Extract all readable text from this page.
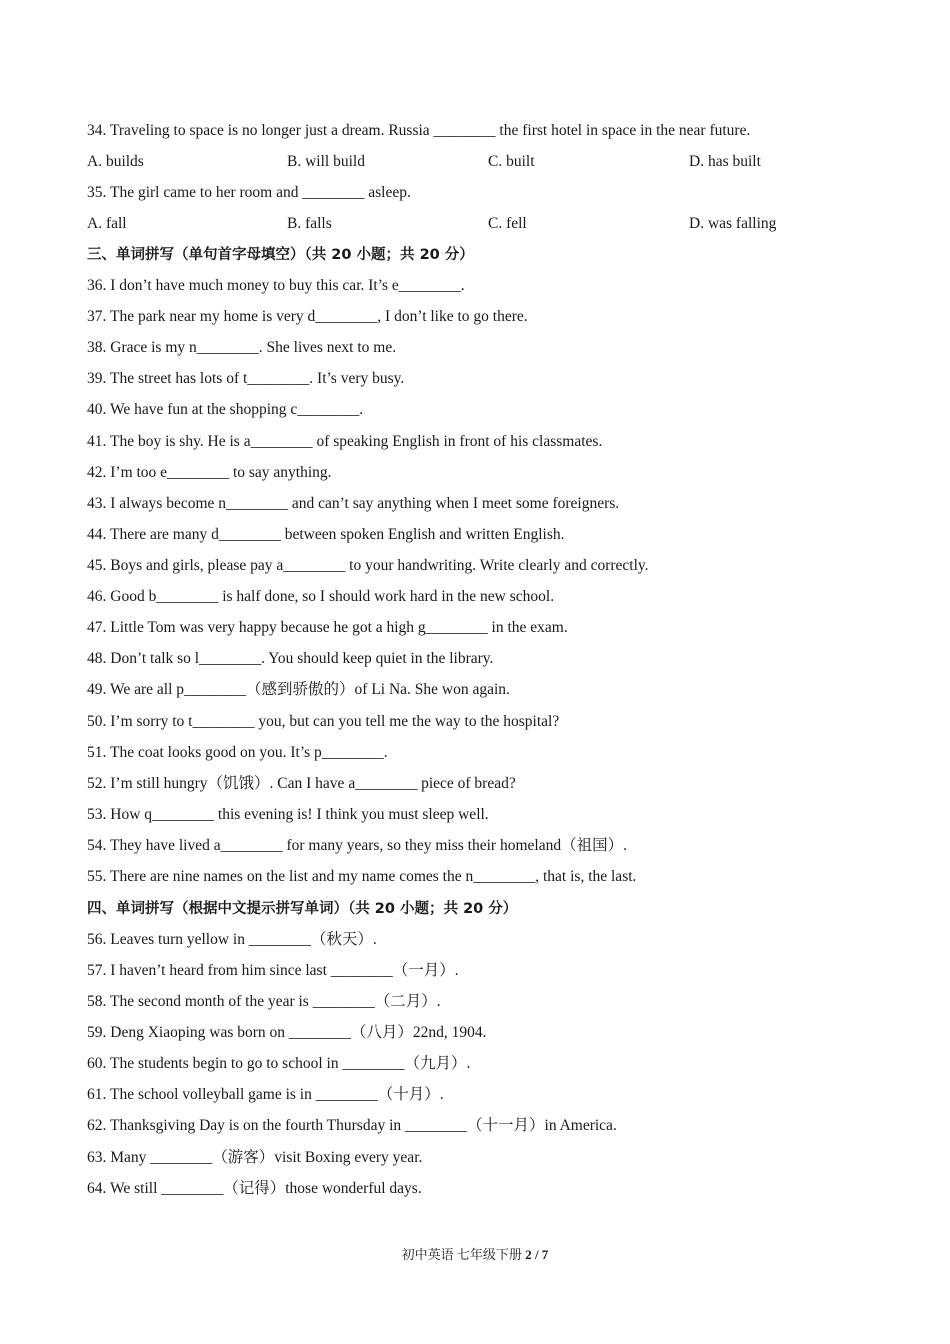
34. Traveling to space is no longer just a dream. Russia ________ the first hotel in space in the near future.
A. builds	B. will build	C. built	D. has built
35. The girl came to her room and ________ asleep.
A. fall	B. falls	C. fell	D. was falling
三、单词拼写（单句首字母填空）（共 20 小题；共 20 分）
36. I don’t have much money to buy this car. It’s e________.
37. The park near my home is very d________, I don’t like to go there.
38. Grace is my n________. She lives next to me.
39. The street has lots of t________. It’s very busy.
40. We have fun at the shopping c________.
41. The boy is shy. He is a________ of speaking English in front of his classmates.
42. I’m too e________ to say anything.
43. I always become n________ and can’t say anything when I meet some foreigners.
44. There are many d________ between spoken English and written English.
45. Boys and girls, please pay a________ to your handwriting. Write clearly and correctly.
46. Good b________ is half done, so I should work hard in the new school.
47. Little Tom was very happy because he got a high g________ in the exam.
48. Don’t talk so l________. You should keep quiet in the library.
49. We are all p________（感到骄傲的）of Li Na. She won again.
50. I’m sorry to t________ you, but can you tell me the way to the hospital?
51. The coat looks good on you. It’s p________.
52. I’m still hungry（饥饿）. Can I have a________ piece of bread?
53. How q________ this evening is! I think you must sleep well.
54. They have lived a________ for many years, so they miss their homeland（祖国）.
55. There are nine names on the list and my name comes the n________, that is, the last.
四、单词拼写（根据中文提示拼写单词）（共 20 小题；共 20 分）
56. Leaves turn yellow in ________（秋天）.
57. I haven’t heard from him since last ________（一月）.
58. The second month of the year is ________（二月）.
59. Deng Xiaoping was born on ________（八月）22nd, 1904.
60. The students begin to go to school in ________（九月）.
61. The school volleyball game is in ________（十月）.
62. Thanksgiving Day is on the fourth Thursday in ________（十一月）in America.
63. Many ________（游客）visit Boxing every year.
64. We still ________（记得）those wonderful days.
初中英语 七年级下册 2 / 7
